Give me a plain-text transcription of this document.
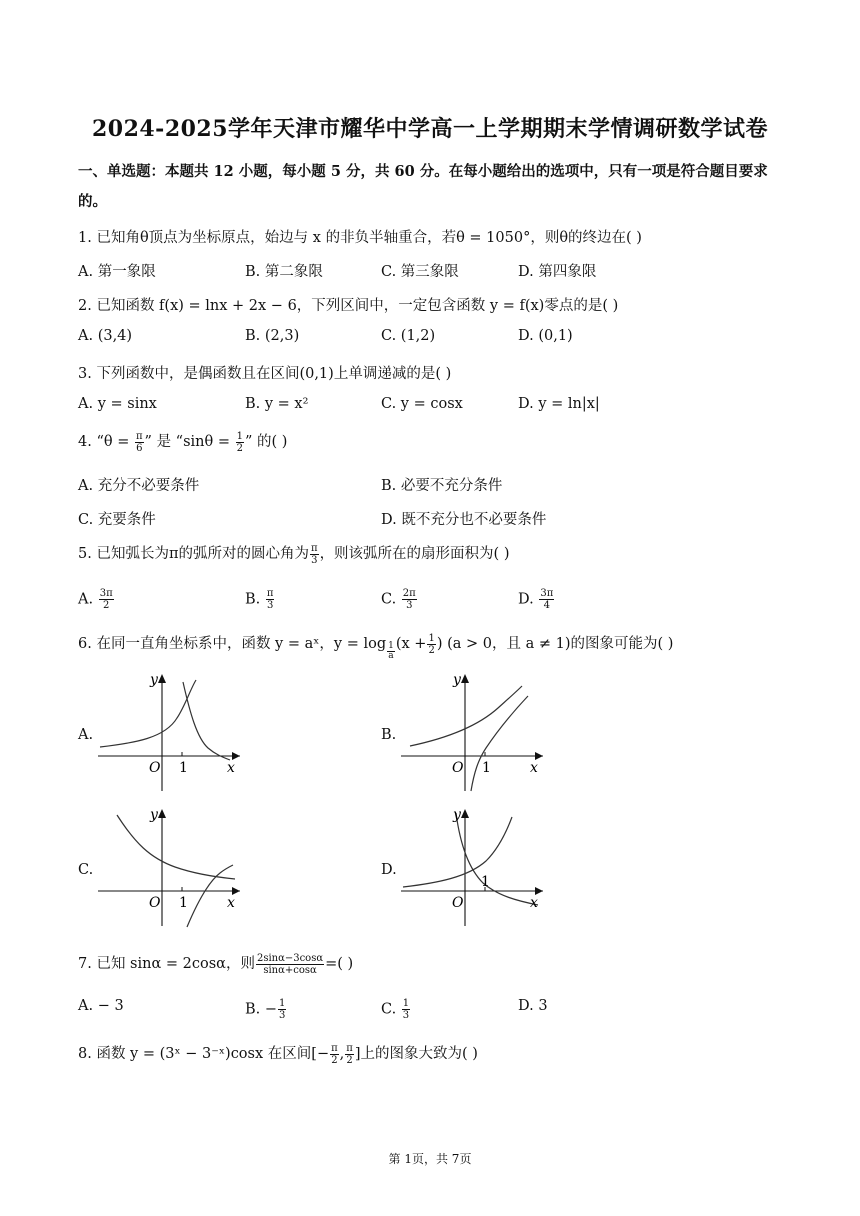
2024-2025学年天津市耀华中学高一上学期期末学情调研数学试卷
一、单选题：本题共 12 小题，每小题 5 分，共 60 分。在每小题给出的选项中，只有一项是符合题目要求
的。
1. 已知角θ顶点为坐标原点，始边与 x 的非负半轴重合，若θ = 1050°，则θ的终边在( )
A. 第一象限	B. 第二象限	C. 第三象限	D. 第四象限
2. 已知函数 f(x) = lnx + 2x − 6，下列区间中，一定包含函数 y = f(x)零点的是( )
A. (3,4)	B. (2,3)	C. (1,2)	D. (0,1)
3. 下列函数中，是偶函数且在区间(0,1)上单调递减的是( )
A. y = sinx	B. y = x²	C. y = cosx	D. y = ln|x|
4. “$\theta = \frac{\pi}{6}$ ” 是 “$\sin\theta = \frac{1}{2}$ ” 的( )
A. 充分不必要条件	B. 必要不充分条件
C. 充要条件	D. 既不充分也不必要条件
5. 已知弧长为π的弧所对的圆心角为 $\frac{\pi}{3}$ ，则该弧所在的扇形面积为( )
A. $\frac{3\pi}{2}$	B. $\frac{\pi}{3}$	C. $\frac{2\pi}{3}$	D. $\frac{3\pi}{4}$
6. 在同一直角坐标系中，函数 y = aˣ，$y = \log \frac{1}{a} (x + \frac{1}{2}$ ) (a > 0，且 a ≠ 1)的图象可能为( )
A.
O 1	x
y
B.
O 1	x
y
C.
O 1	x
y
D.
O
1
x
y
7. 已知 sinα = 2cosα，则 $\frac{2\sin\alpha-3\cos\alpha}{\sin\alpha+\cos\alpha}$ =( )
A. − 3	B. − $\frac{1}{3}$	C. $\frac{1}{3}$	D. 3
8. 函数 y = (3ˣ − 3⁻ˣ)cosx 在区间[− $\frac{\pi}{2}$ , $\frac{\pi}{2}$ ]上的图象大致为( )
第 1页，共 7页
